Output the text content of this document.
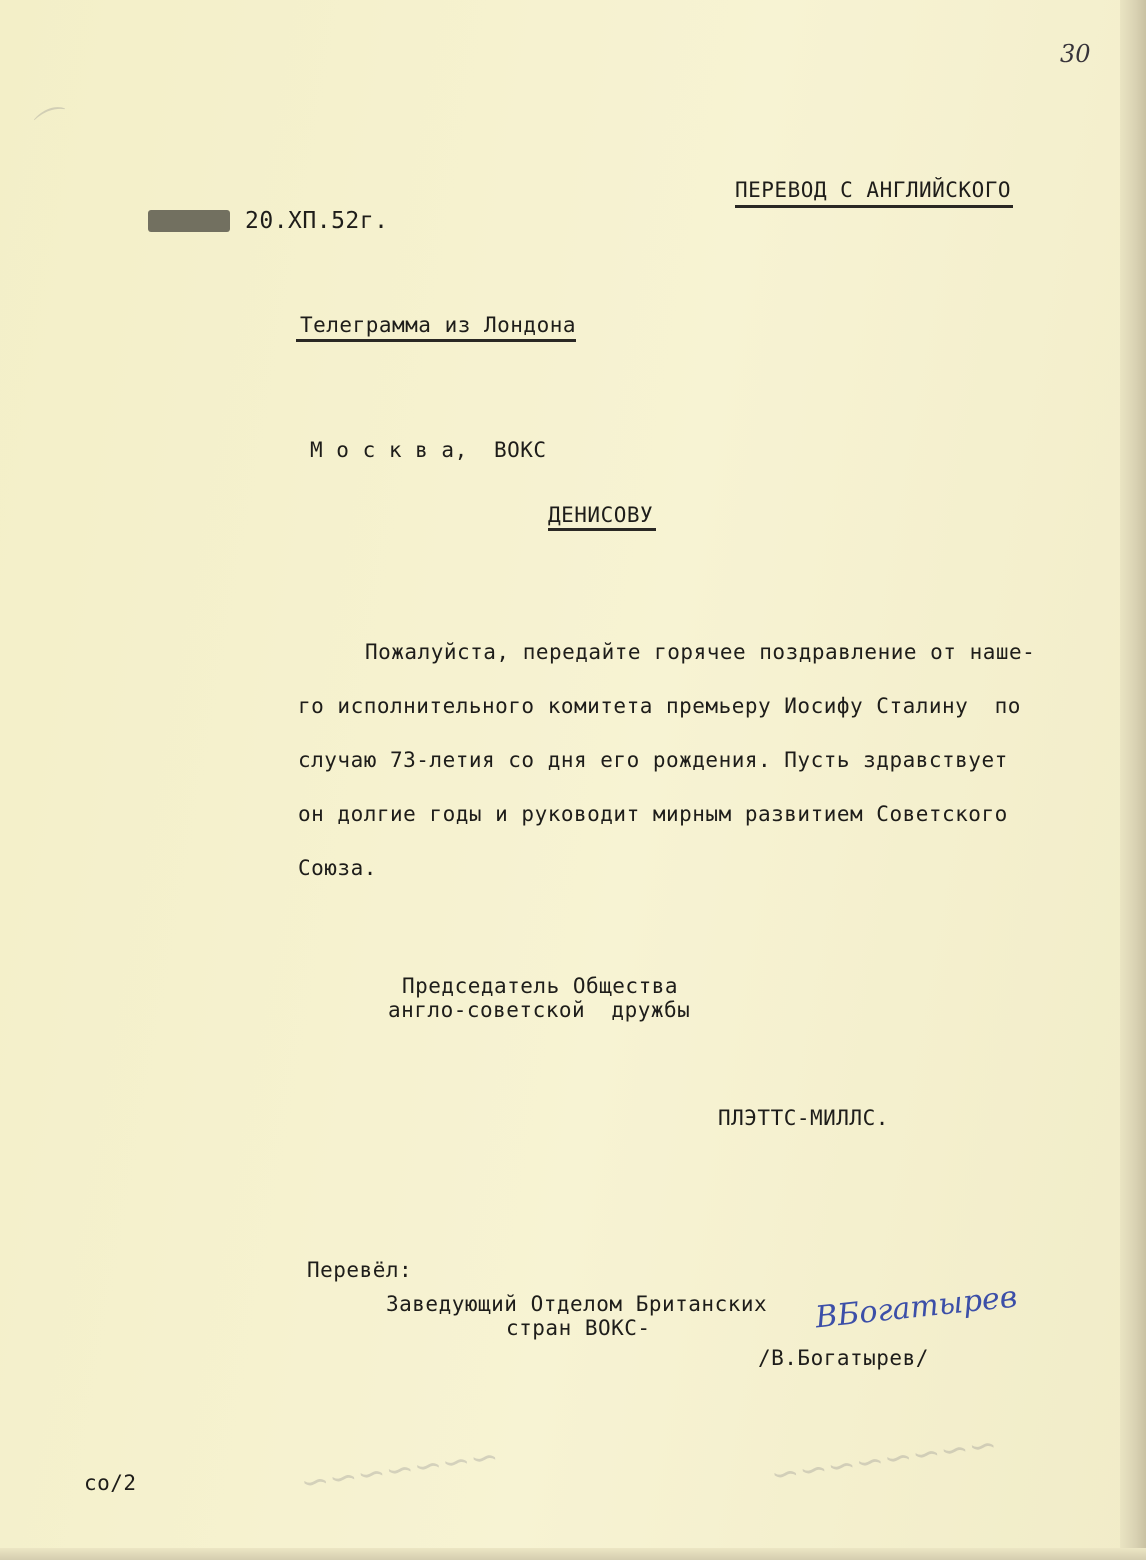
30
⌒
∽∽∽∽∽∽∽	∽∽∽∽∽∽∽∽
ПЕРЕВОД С АНГЛИЙСКОГО
20.ХП.52г.
Телеграмма из Лондона
М о с к в а,  ВОКС
ДЕНИСОВУ
Пожалуйста, передайте горячее поздравление от наше-
го исполнительного комитета премьеру Иосифу Сталину  по
случаю 73-летия со дня его рождения. Пусть здравствует
он долгие годы и руководит мирным развитием Советского
Союза.
Председатель Общества
англо-советской  дружбы
ПЛЭТТС-МИЛЛС.
Перевёл:
Заведующий Отделом Британских
стран ВОКС-	ВБогатырев
/В.Богатырев/
со/2
